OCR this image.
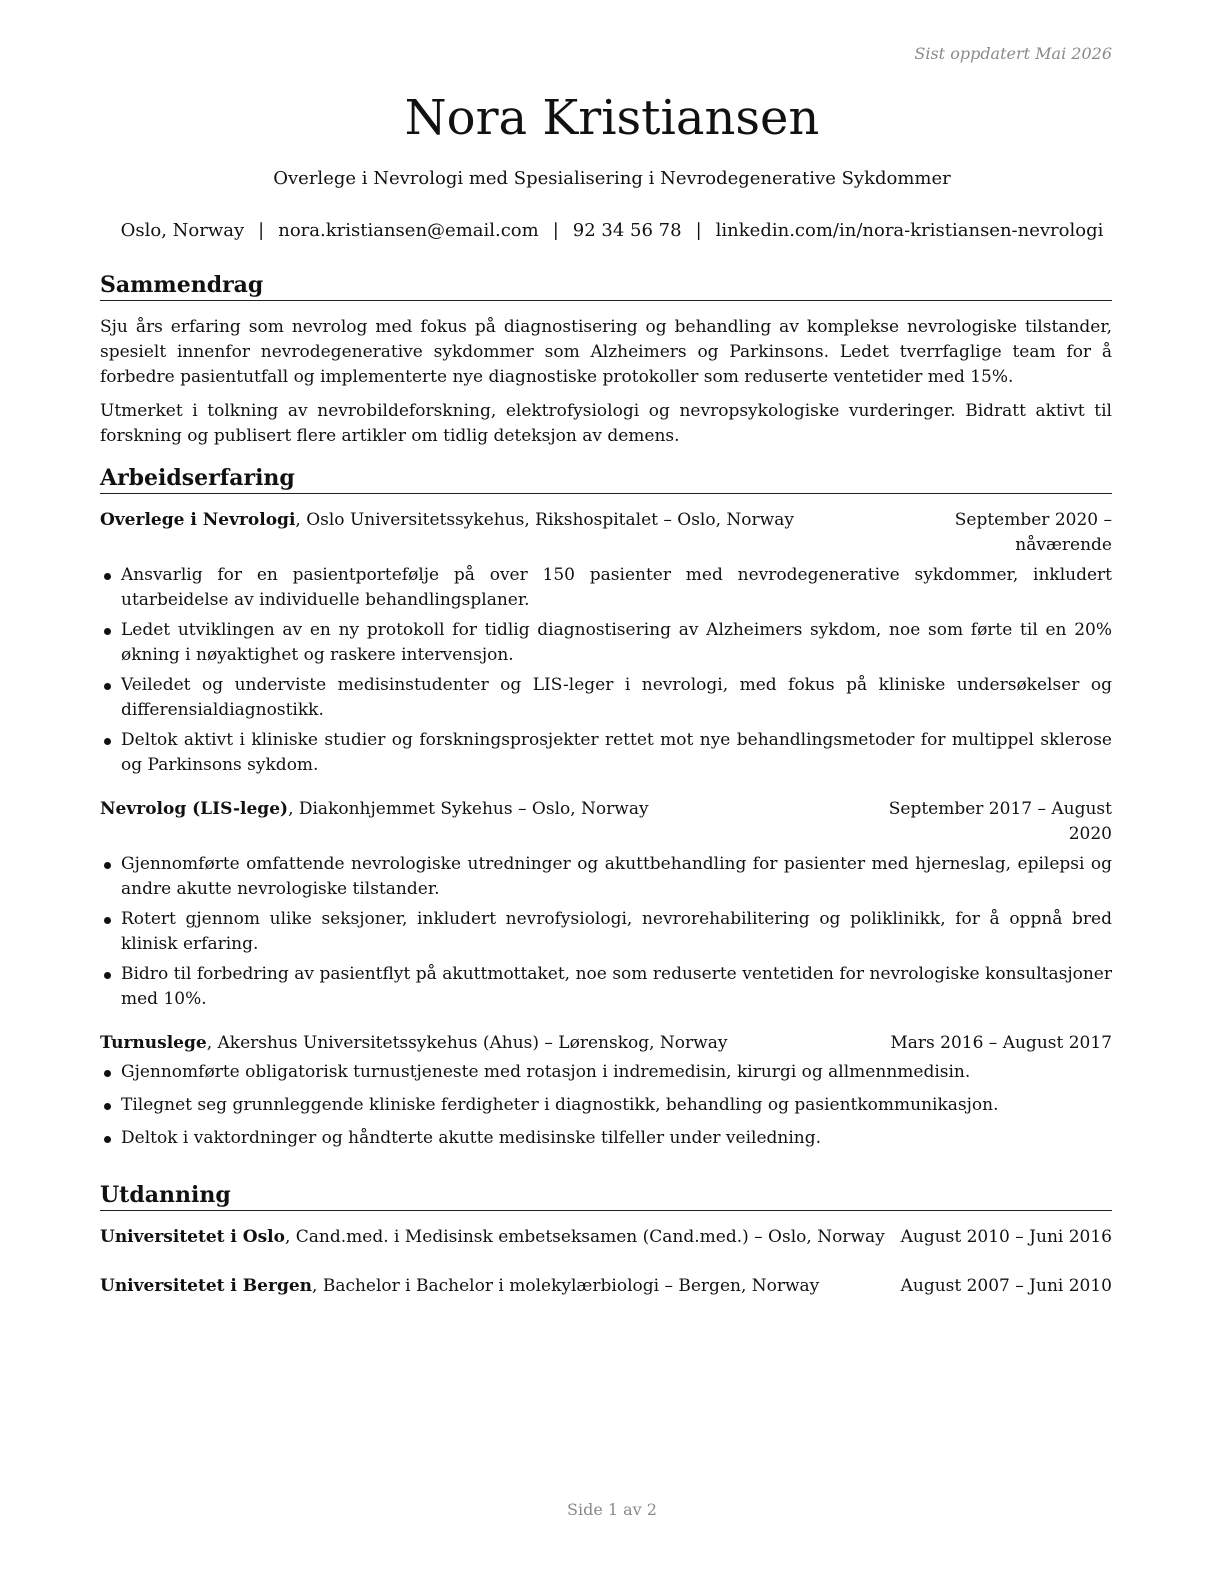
Sist oppdatert Mai 2026
Nora Kristiansen
Overlege i Nevrologi med Spesialisering i Nevrodegenerative Sykdommer
Oslo, Norway | nora.kristiansen@email.com | 92 34 56 78 | linkedin.com/in/nora-kristiansen-nevrologi
Sammendrag

Sju års erfaring som nevrolog med fokus på diagnostisering og behandling av komplekse nevrologiske tilstander, spesielt innenfor nevrodegenerative sykdommer som Alzheimers og Parkinsons. Ledet tverrfaglige team for å forbedre pasientutfall og implementerte nye diagnostiske protokoller som reduserte ventetider med 15%.

Utmerket i tolkning av nevrobildeforskning, elektrofysiologi og nevropsykologiske vurderinger. Bidratt aktivt til forskning og publisert flere artikler om tidlig deteksjon av demens.

Arbeidserfaring
Overlege i Nevrologi, Oslo Universitetssykehus, Rikshospitalet – Oslo, Norway	September 2020 – nåværende
Ansvarlig for en pasientportefølje på over 150 pasienter med nevrodegenerative sykdommer, inkludert utarbeidelse av individuelle behandlingsplaner.
Ledet utviklingen av en ny protokoll for tidlig diagnostisering av Alzheimers sykdom, noe som førte til en 20% økning i nøyaktighet og raskere intervensjon.
Veiledet og underviste medisinstudenter og LIS-leger i nevrologi, med fokus på kliniske undersøkelser og differensialdiagnostikk.
Deltok aktivt i kliniske studier og forskningsprosjekter rettet mot nye behandlingsmetoder for multippel sklerose og Parkinsons sykdom.
Nevrolog (LIS-lege), Diakonhjemmet Sykehus – Oslo, Norway	September 2017 – August 2020
Gjennomførte omfattende nevrologiske utredninger og akuttbehandling for pasienter med hjerneslag, epilepsi og andre akutte nevrologiske tilstander.
Rotert gjennom ulike seksjoner, inkludert nevrofysiologi, nevrorehabilitering og poliklinikk, for å oppnå bred klinisk erfaring.
Bidro til forbedring av pasientflyt på akuttmottaket, noe som reduserte ventetiden for nevrologiske konsultasjoner med 10%.
Turnuslege, Akershus Universitetssykehus (Ahus) – Lørenskog, Norway	Mars 2016 – August 2017
Gjennomførte obligatorisk turnustjeneste med rotasjon i indremedisin, kirurgi og allmennmedisin.
Tilegnet seg grunnleggende kliniske ferdigheter i diagnostikk, behandling og pasientkommunikasjon.
Deltok i vaktordninger og håndterte akutte medisinske tilfeller under veiledning.
Utdanning
Universitetet i Oslo, Cand.med. i Medisinsk embetseksamen (Cand.med.) – Oslo, Norway August 2010 – Juni 2016
Universitetet i Bergen, Bachelor i Bachelor i molekylærbiologi – Bergen, Norway	August 2007 – Juni 2010
Side 1 av 2
